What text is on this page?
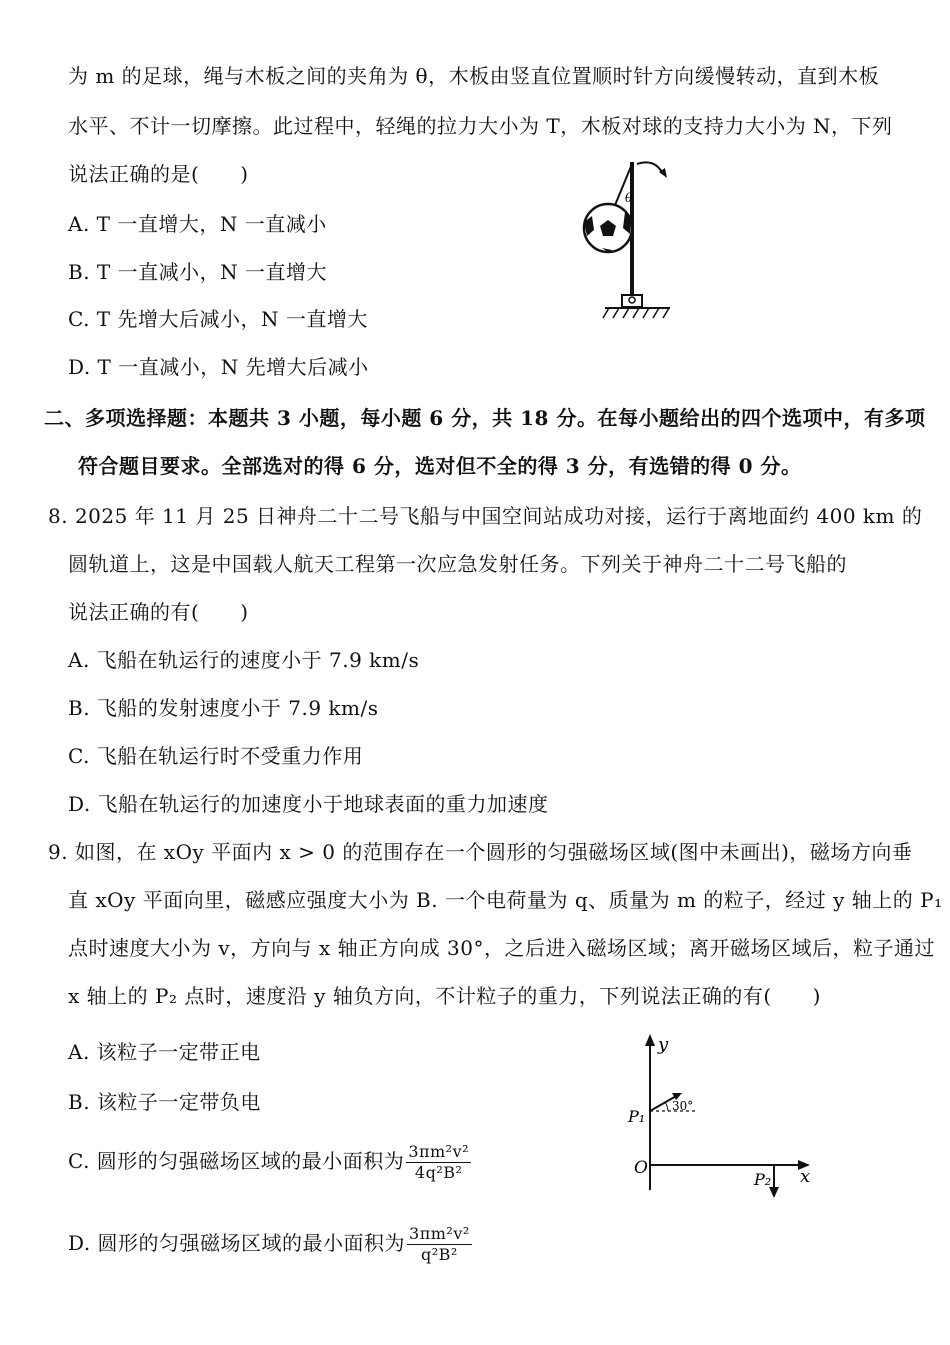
为 m 的足球，绳与木板之间的夹角为 θ，木板由竖直位置顺时针方向缓慢转动，直到木板
水平、不计一切摩擦。此过程中，轻绳的拉力大小为 T，木板对球的支持力大小为 N，下列
说法正确的是(　　)
A. T 一直增大，N 一直减小
B. T 一直减小，N 一直增大
C. T 先增大后减小，N 一直增大
D. T 一直减小，N 先增大后减小
θ
二、多项选择题：本题共 3 小题，每小题 6 分，共 18 分。在每小题给出的四个选项中，有多项
符合题目要求。全部选对的得 6 分，选对但不全的得 3 分，有选错的得 0 分。
8. 2025 年 11 月 25 日神舟二十二号飞船与中国空间站成功对接，运行于离地面约 400 km 的
圆轨道上，这是中国载人航天工程第一次应急发射任务。下列关于神舟二十二号飞船的
说法正确的有(　　)
A. 飞船在轨运行的速度小于 7.9 km/s
B. 飞船的发射速度小于 7.9 km/s
C. 飞船在轨运行时不受重力作用
D. 飞船在轨运行的加速度小于地球表面的重力加速度
9. 如图，在 xOy 平面内 x > 0 的范围存在一个圆形的匀强磁场区域(图中未画出)，磁场方向垂
直 xOy 平面向里，磁感应强度大小为 B. 一个电荷量为 q、质量为 m 的粒子，经过 y 轴上的 P₁
点时速度大小为 v，方向与 x 轴正方向成 30°，之后进入磁场区域；离开磁场区域后，粒子通过
x 轴上的 P₂ 点时，速度沿 y 轴负方向，不计粒子的重力，下列说法正确的有(　　)
A. 该粒子一定带正电
B. 该粒子一定带负电
C. 圆形的匀强磁场区域的最小面积为 $\frac{\text{3πm²v²}}{\text{4q²B²}}$
D. 圆形的匀强磁场区域的最小面积为 $\frac{\text{3πm²v²}}{\text{q²B²}}$
y
x
O
P₁
30°
P₂
